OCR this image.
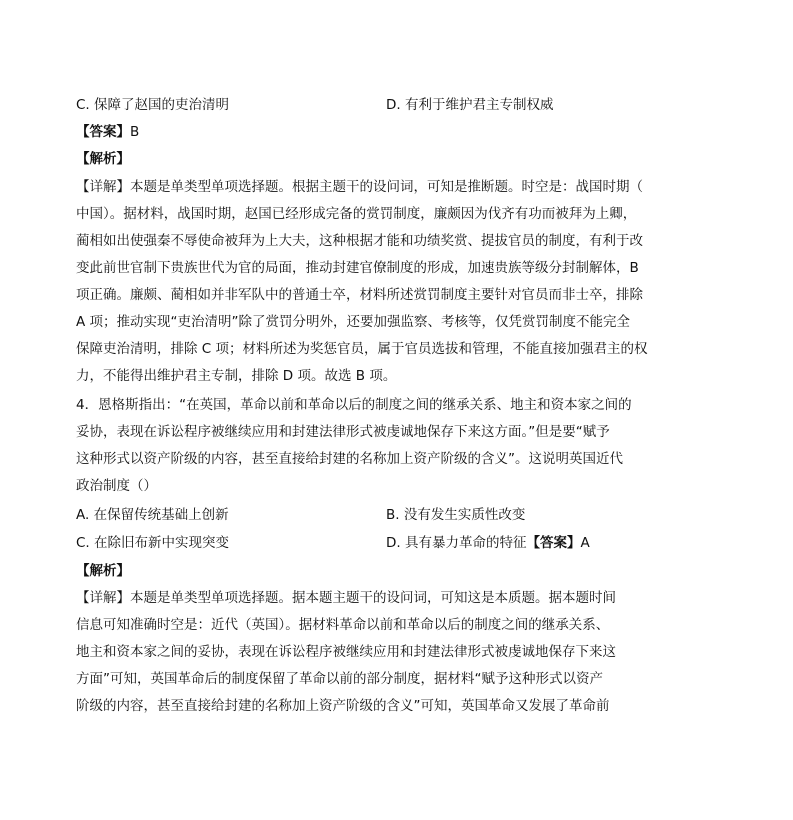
C. 保障了赵国的吏治清明	D. 有利于维护君主专制权威
【答案】B
【解析】
【详解】本题是单类型单项选择题。根据主题干的设问词，可知是推断题。时空是：战国时期（
中国）。据材料，战国时期，赵国已经形成完备的赏罚制度，廉颇因为伐齐有功而被拜为上卿，
蔺相如出使强秦不辱使命被拜为上大夫，这种根据才能和功绩奖赏、提拔官员的制度，有利于改
变此前世官制下贵族世代为官的局面，推动封建官僚制度的形成，加速贵族等级分封制解体，B
项正确。廉颇、蔺相如并非军队中的普通士卒，材料所述赏罚制度主要针对官员而非士卒，排除
A 项；推动实现“吏治清明”除了赏罚分明外，还要加强监察、考核等，仅凭赏罚制度不能完全
保障吏治清明，排除 C 项；材料所述为奖惩官员，属于官员选拔和管理，不能直接加强君主的权
力，不能得出维护君主专制，排除 D 项。故选 B 项。
4．恩格斯指出：“在英国，革命以前和革命以后的制度之间的继承关系、地主和资本家之间的
妥协，表现在诉讼程序被继续应用和封建法律形式被虔诚地保存下来这方面。”但是要“赋予
这种形式以资产阶级的内容，甚至直接给封建的名称加上资产阶级的含义”。这说明英国近代
政治制度（）
A. 在保留传统基础上创新	B. 没有发生实质性改变
C. 在除旧布新中实现突变	D. 具有暴力革命的特征【答案】A
【解析】
【详解】本题是单类型单项选择题。据本题主题干的设问词，可知这是本质题。据本题时间
信息可知准确时空是：近代（英国）。据材料革命以前和革命以后的制度之间的继承关系、
地主和资本家之间的妥协，表现在诉讼程序被继续应用和封建法律形式被虔诚地保存下来这
方面”可知，英国革命后的制度保留了革命以前的部分制度，据材料“赋予这种形式以资产
阶级的内容，甚至直接给封建的名称加上资产阶级的含义”可知，英国革命又发展了革命前
